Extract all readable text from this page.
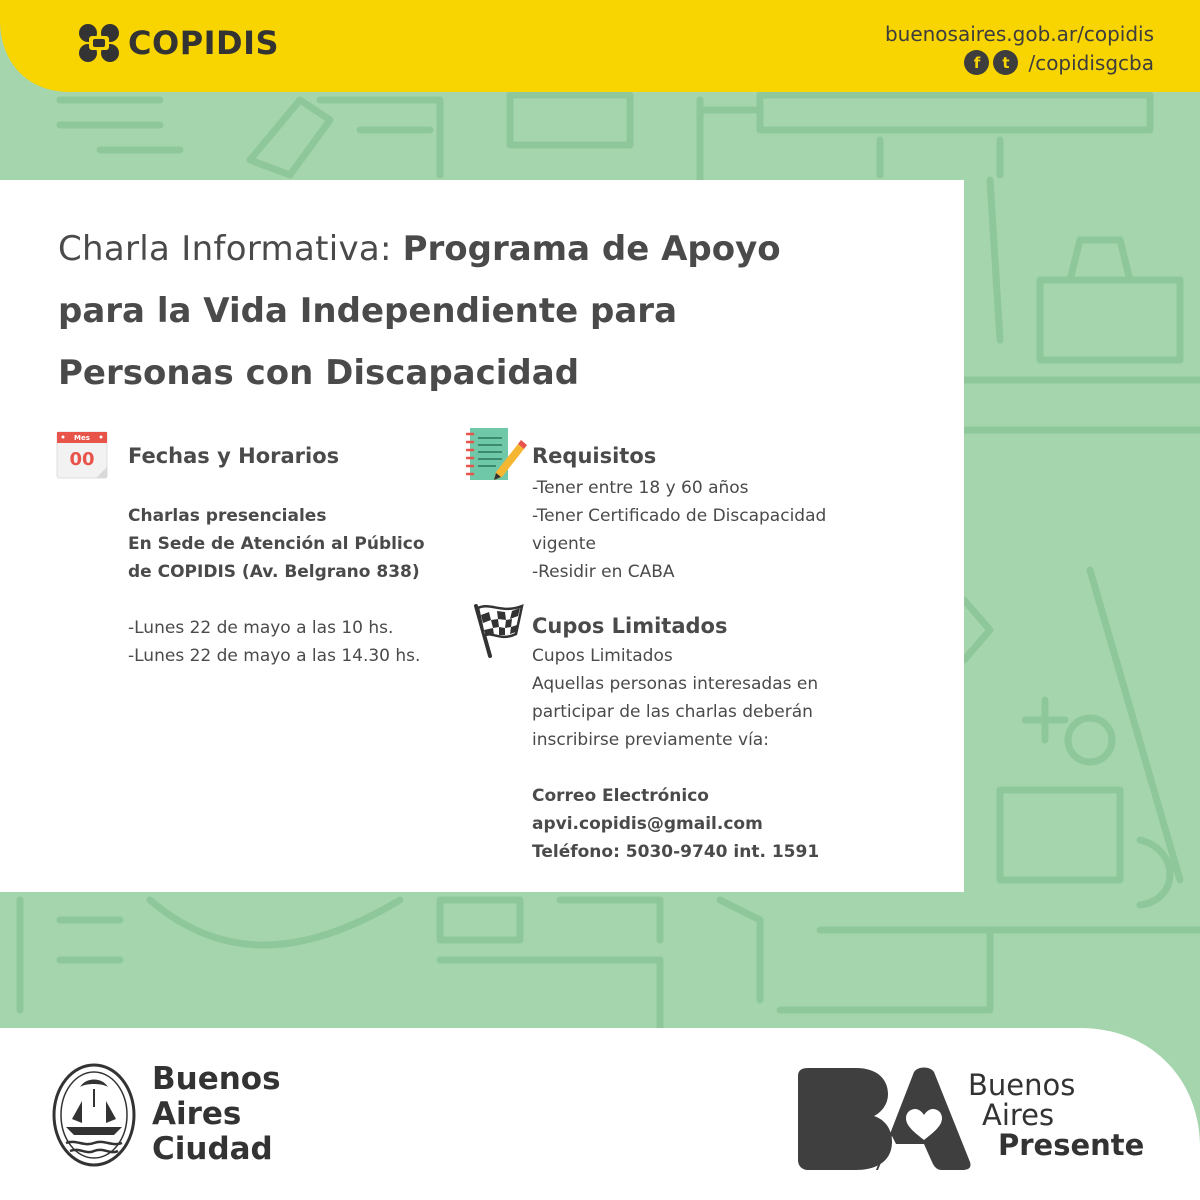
COPIDIS	buenosaires.gob.ar/copidis
f	t /copidisgcba
Charla Informativa: Programa de Apoyo para la Vida Independiente para Personas con Discapacidad
Mes
00 Fechas y Horarios
Charlas presenciales
En Sede de Atención al Público
de COPIDIS (Av. Belgrano 838)
-Lunes 22 de mayo a las 10 hs.
-Lunes 22 de mayo a las 14.30 hs.
Requisitos
-Tener entre 18 y 60 años
-Tener Certificado de Discapacidad vigente
-Residir en CABA
Cupos Limitados
Cupos Limitados
Aquellas personas interesadas en participar de las charlas deberán inscribirse previamente vía:
Correo Electrónico
apvi.copidis@gmail.com
Teléfono: 5030-9740 int. 1591
Buenos
Aires
Ciudad
Buenos
Aires
Presente
